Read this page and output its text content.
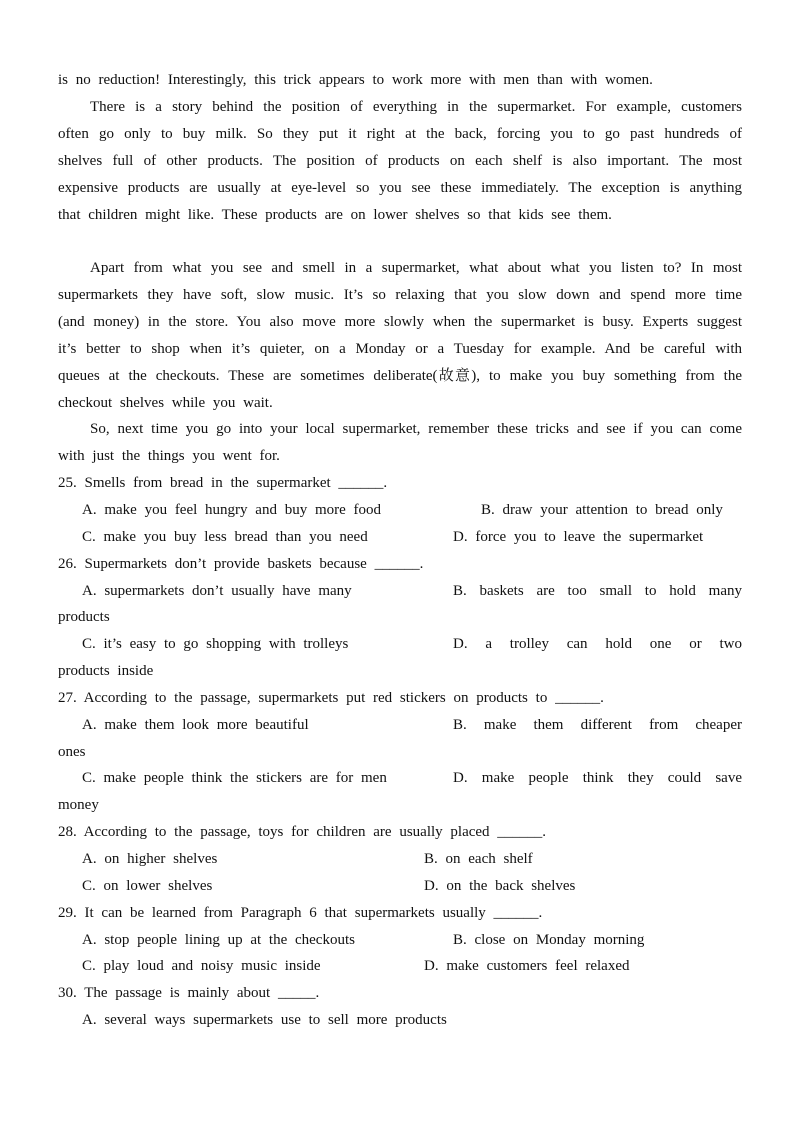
is no reduction! Interestingly, this trick appears to work more with men than with women.
There is a story behind the position of everything in the supermarket. For example, customers often go only to buy milk. So they put it right at the back, forcing you to go past hundreds of shelves full of other products. The position of products on each shelf is also important. The most expensive products are usually at eye-level so you see these immediately. The exception is anything that children might like. These products are on lower shelves so that kids see them.
Apart from what you see and smell in a supermarket, what about what you listen to? In most supermarkets they have soft, slow music. It’s so relaxing that you slow down and spend more time (and money) in the store. You also move more slowly when the supermarket is busy. Experts suggest it’s better to shop when it’s quieter, on a Monday or a Tuesday for example. And be careful with queues at the checkouts. These are sometimes deliberate(故意), to make you buy something from the checkout shelves while you wait.
So, next time you go into your local supermarket, remember these tricks and see if you can come with just the things you went for.
25. Smells from bread in the supermarket ______.
A. make you feel hungry and buy more food	B. draw your attention to bread only
C. make you buy less bread than you need	D. force you to leave the supermarket
26. Supermarkets don’t provide baskets because ______.
A. supermarkets don’t usually have many	B. baskets are too small to hold many
products
C. it’s easy to go shopping with trolleys	D. a trolley can hold one or two
products inside
27. According to the passage, supermarkets put red stickers on products to ______.
A. make them look more beautiful	B. make them different from cheaper
ones
C. make people think the stickers are for men	D. make people think they could save
money
28. According to the passage, toys for children are usually placed ______.
A. on higher shelves	B. on each shelf
C. on lower shelves	D. on the back shelves
29. It can be learned from Paragraph 6 that supermarkets usually ______.
A. stop people lining up at the checkouts	B. close on Monday morning
C. play loud and noisy music inside	D. make customers feel relaxed
30. The passage is mainly about _____.
A. several ways supermarkets use to sell more products
